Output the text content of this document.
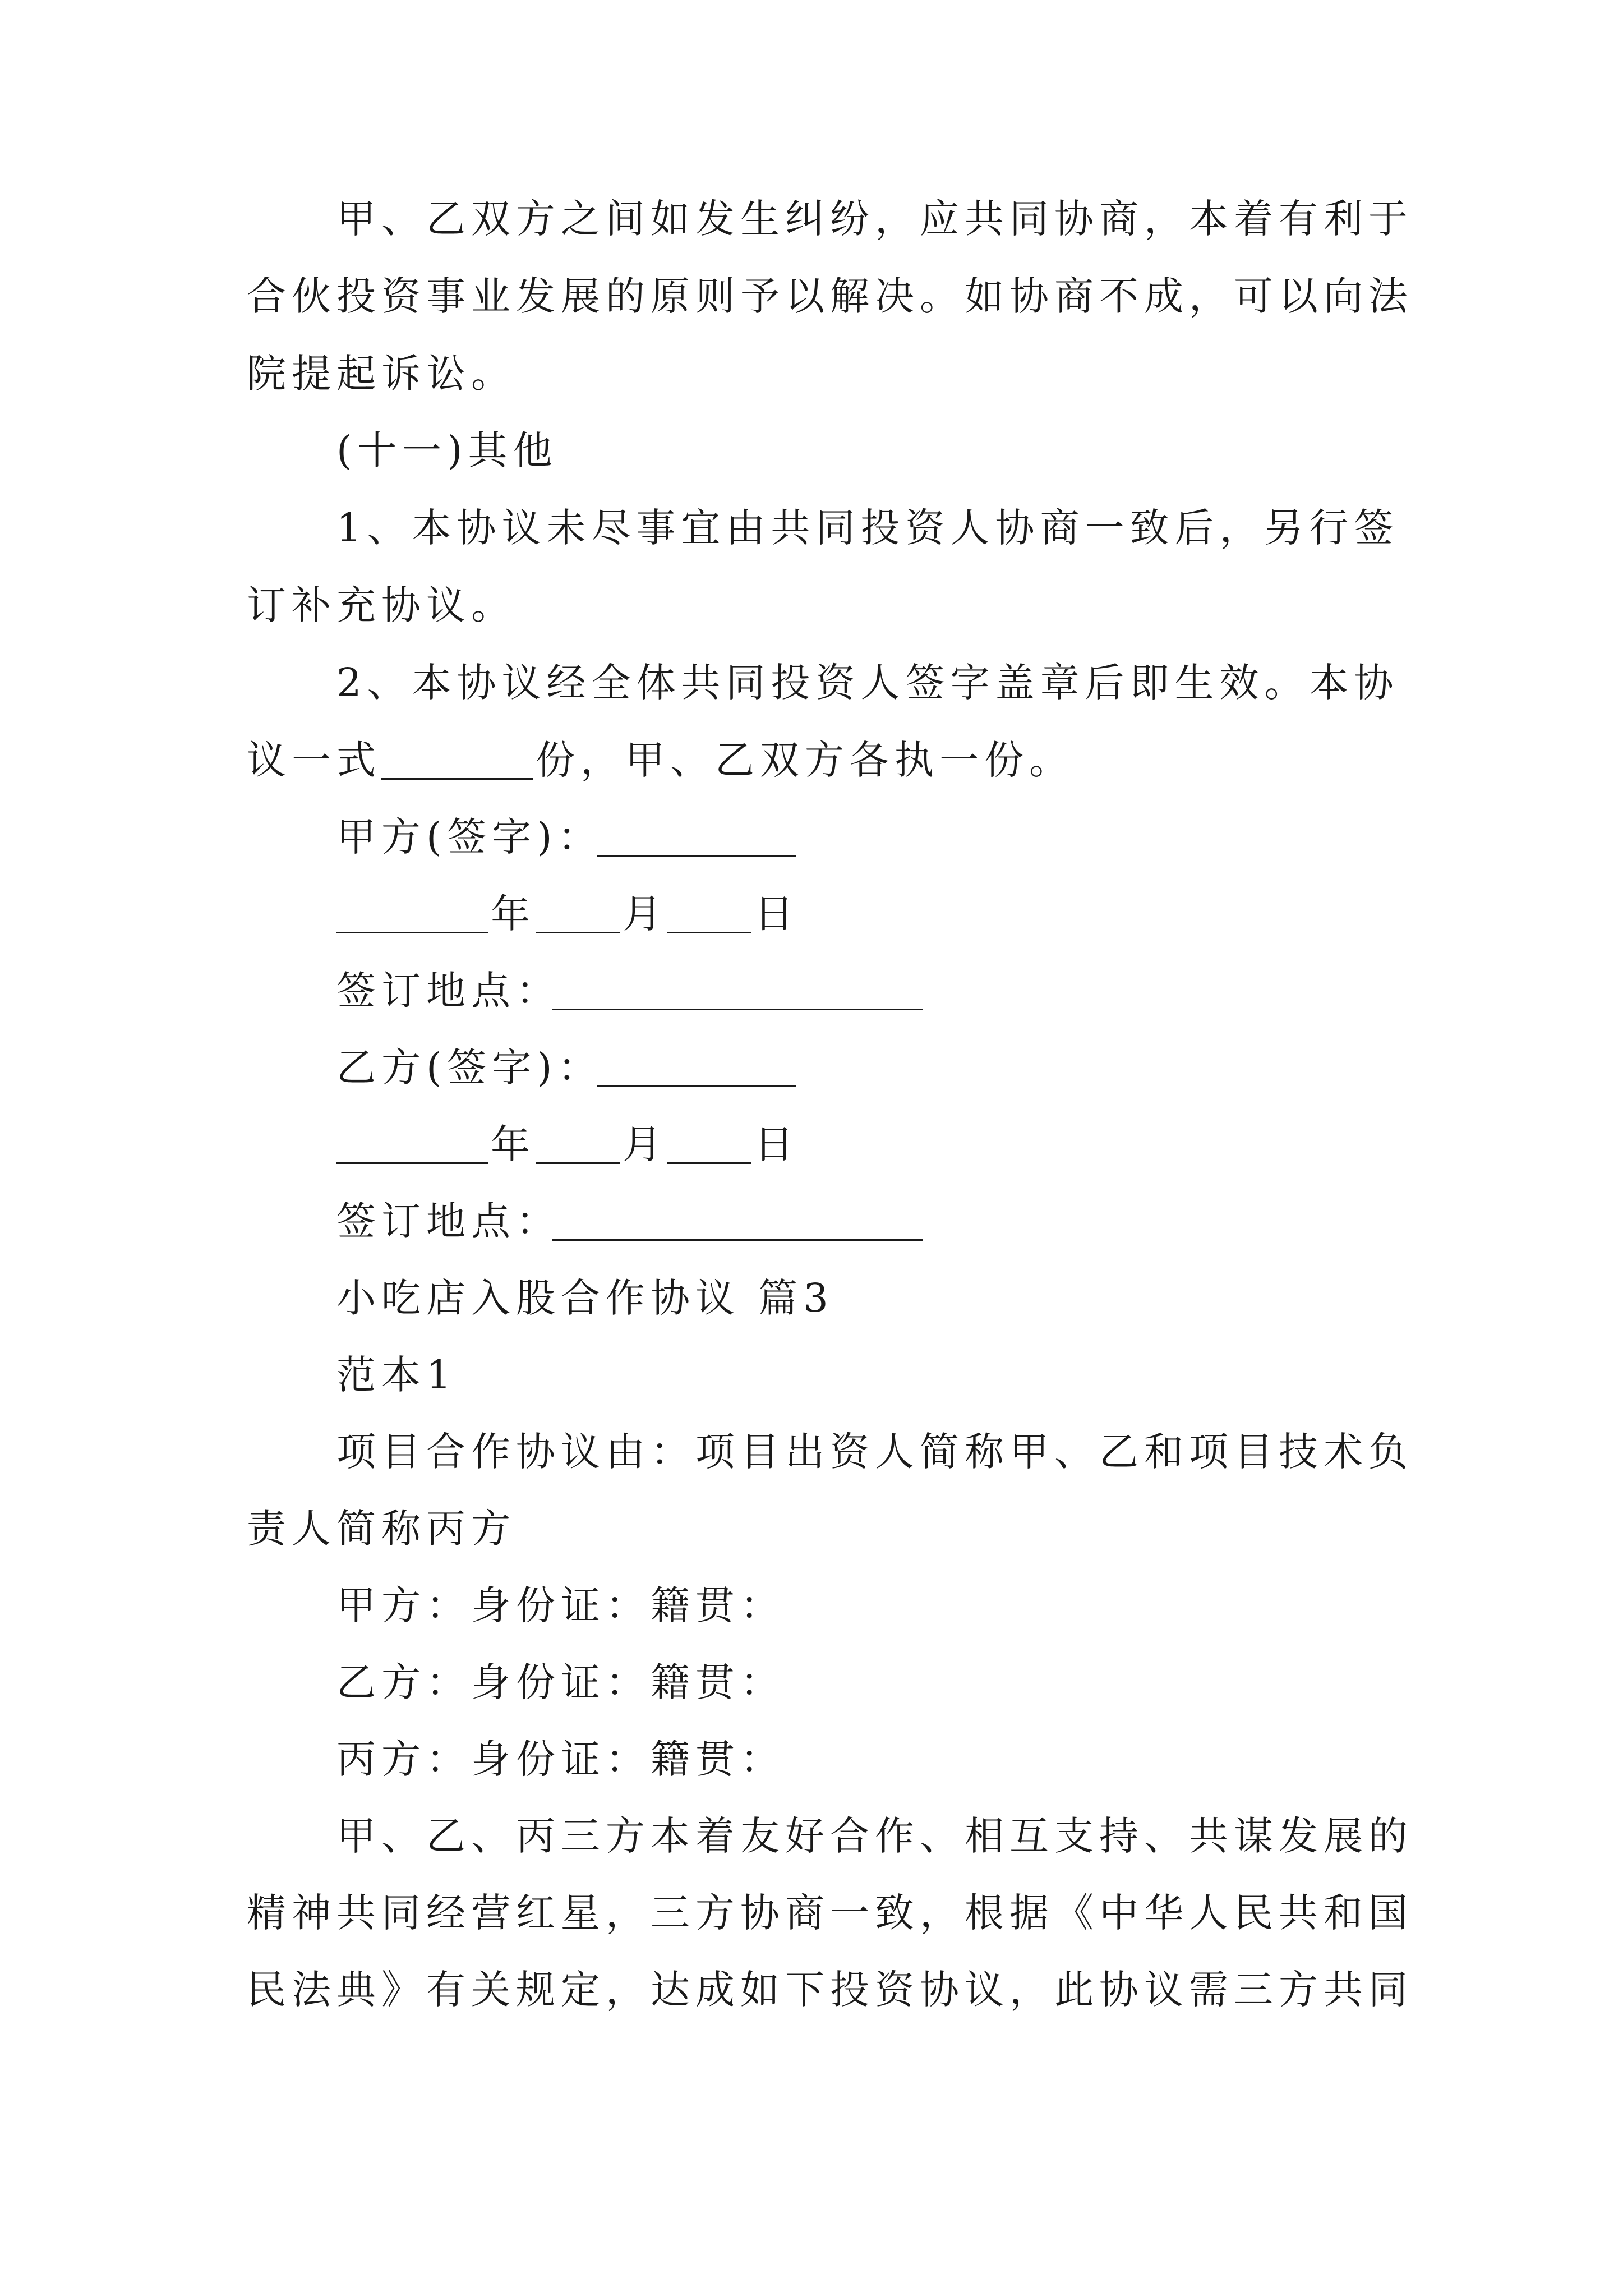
甲、乙双方之间如发生纠纷，应共同协商，本着有利于
合伙投资事业发展的原则予以解决。如协商不成，可以向法
院提起诉讼。
(十一)其他
1、本协议未尽事宜由共同投资人协商一致后，另行签
订补充协议。
2、本协议经全体共同投资人签字盖章后即生效。本协
议一式	份，甲、乙双方各执一份。
甲方(签字)：
年 月 日
签订地点：
乙方(签字)：
年 月 日
签订地点：
小吃店入股合作协议 篇3
范本1
项目合作协议由：项目出资人简称甲、乙和项目技术负
责人简称丙方
甲方：身份证：籍贯：
乙方：身份证：籍贯：
丙方：身份证：籍贯：
甲、乙、丙三方本着友好合作、相互支持、共谋发展的
精神共同经营红星，三方协商一致，根据《中华人民共和国
民法典》有关规定，达成如下投资协议，此协议需三方共同
